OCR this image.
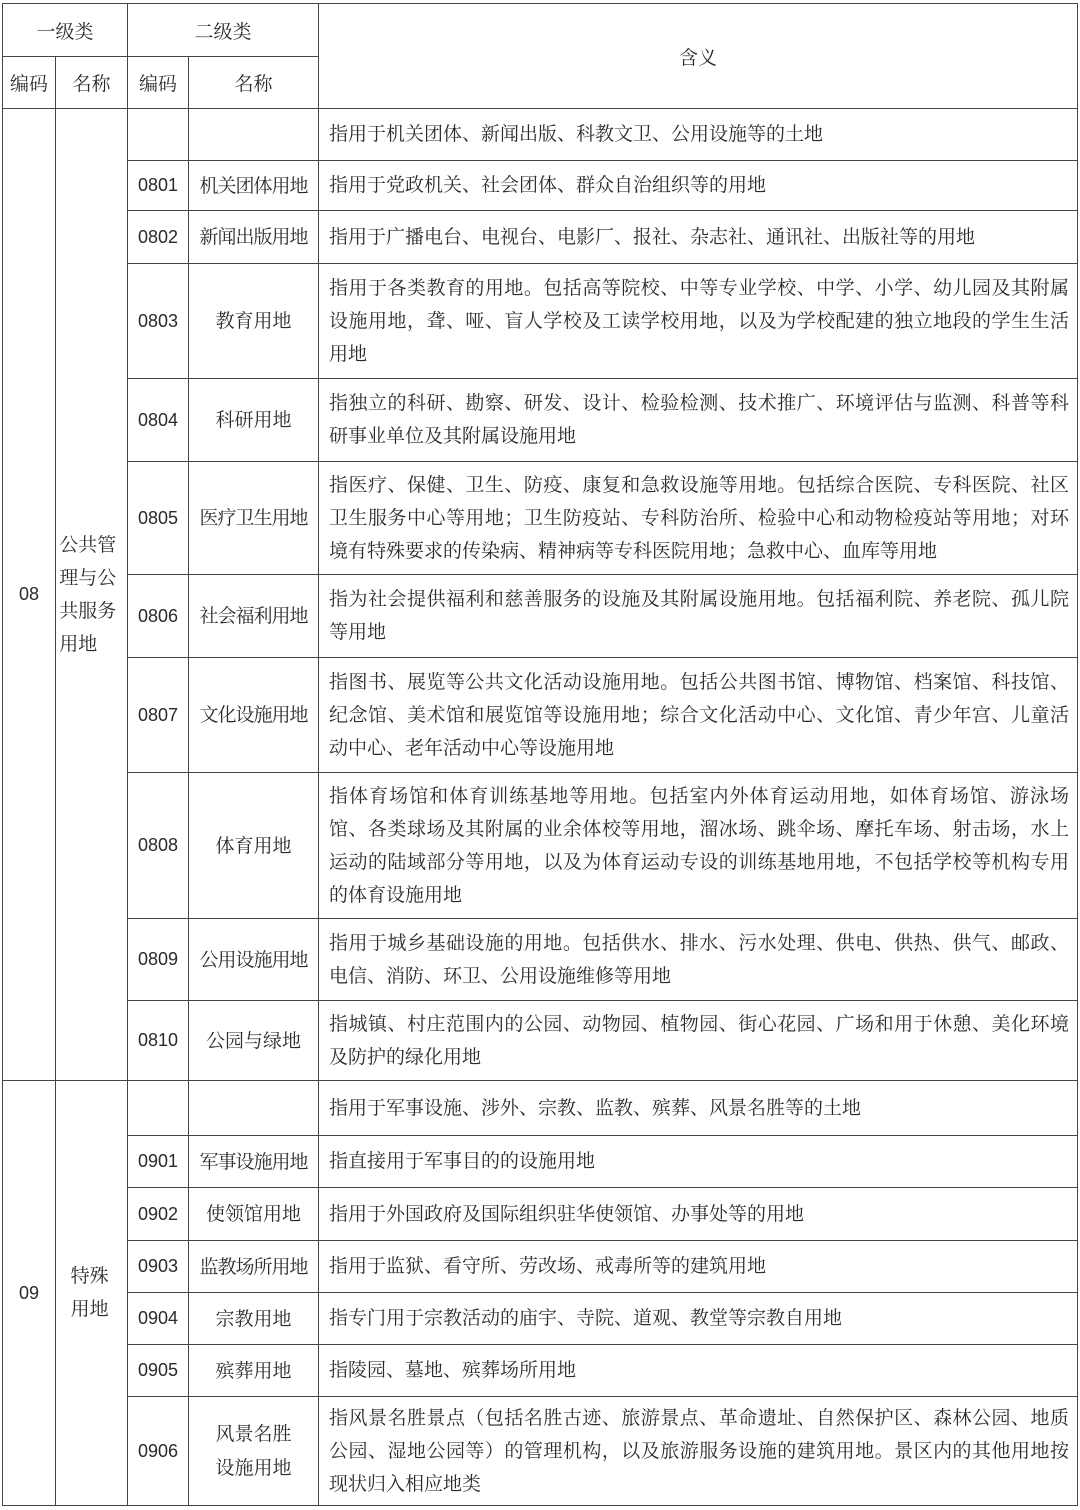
一级类		二级类		含义
编码	名称	编码	名称	
08	公共管理与公共服务用地			指用于机关团体、新闻出版、科教文卫、公用设施等的土地
		0801	机关团体用地	指用于党政机关、社会团体、群众自治组织等的用地
		0802	新闻出版用地	指用于广播电台、电视台、电影厂、报社、杂志社、通讯社、出版社等的用地
		0803	教育用地	指用于各类教育的用地。包括高等院校、中等专业学校、中学、小学、幼儿园及其附属设施用地，聋、哑、盲人学校及工读学校用地，以及为学校配建的独立地段的学生生活用地
		0804	科研用地	指独立的科研、勘察、研发、设计、检验检测、技术推广、环境评估与监测、科普等科研事业单位及其附属设施用地
		0805	医疗卫生用地	指医疗、保健、卫生、防疫、康复和急救设施等用地。包括综合医院、专科医院、社区卫生服务中心等用地；卫生防疫站、专科防治所、检验中心和动物检疫站等用地；对环境有特殊要求的传染病、精神病等专科医院用地；急救中心、血库等用地
		0806	社会福利用地	指为社会提供福利和慈善服务的设施及其附属设施用地。包括福利院、养老院、孤儿院等用地
		0807	文化设施用地	指图书、展览等公共文化活动设施用地。包括公共图书馆、博物馆、档案馆、科技馆、纪念馆、美术馆和展览馆等设施用地；综合文化活动中心、文化馆、青少年宫、儿童活动中心、老年活动中心等设施用地
		0808	体育用地	指体育场馆和体育训练基地等用地。包括室内外体育运动用地，如体育场馆、游泳场馆、各类球场及其附属的业余体校等用地，溜冰场、跳伞场、摩托车场、射击场，水上运动的陆域部分等用地，以及为体育运动专设的训练基地用地，不包括学校等机构专用的体育设施用地
		0809	公用设施用地	指用于城乡基础设施的用地。包括供水、排水、污水处理、供电、供热、供气、邮政、电信、消防、环卫、公用设施维修等用地
		0810	公园与绿地	指城镇、村庄范围内的公园、动物园、植物园、街心花园、广场和用于休憩、美化环境及防护的绿化用地
09	特殊用地			指用于军事设施、涉外、宗教、监教、殡葬、风景名胜等的土地
		0901	军事设施用地	指直接用于军事目的的设施用地
		0902	使领馆用地	指用于外国政府及国际组织驻华使领馆、办事处等的用地
		0903	监教场所用地	指用于监狱、看守所、劳改场、戒毒所等的建筑用地
		0904	宗教用地	指专门用于宗教活动的庙宇、寺院、道观、教堂等宗教自用地
		0905	殡葬用地	指陵园、墓地、殡葬场所用地
		0906	风景名胜设施用地	指风景名胜景点（包括名胜古迹、旅游景点、革命遗址、自然保护区、森林公园、地质公园、湿地公园等）的管理机构，以及旅游服务设施的建筑用地。景区内的其他用地按现状归入相应地类
